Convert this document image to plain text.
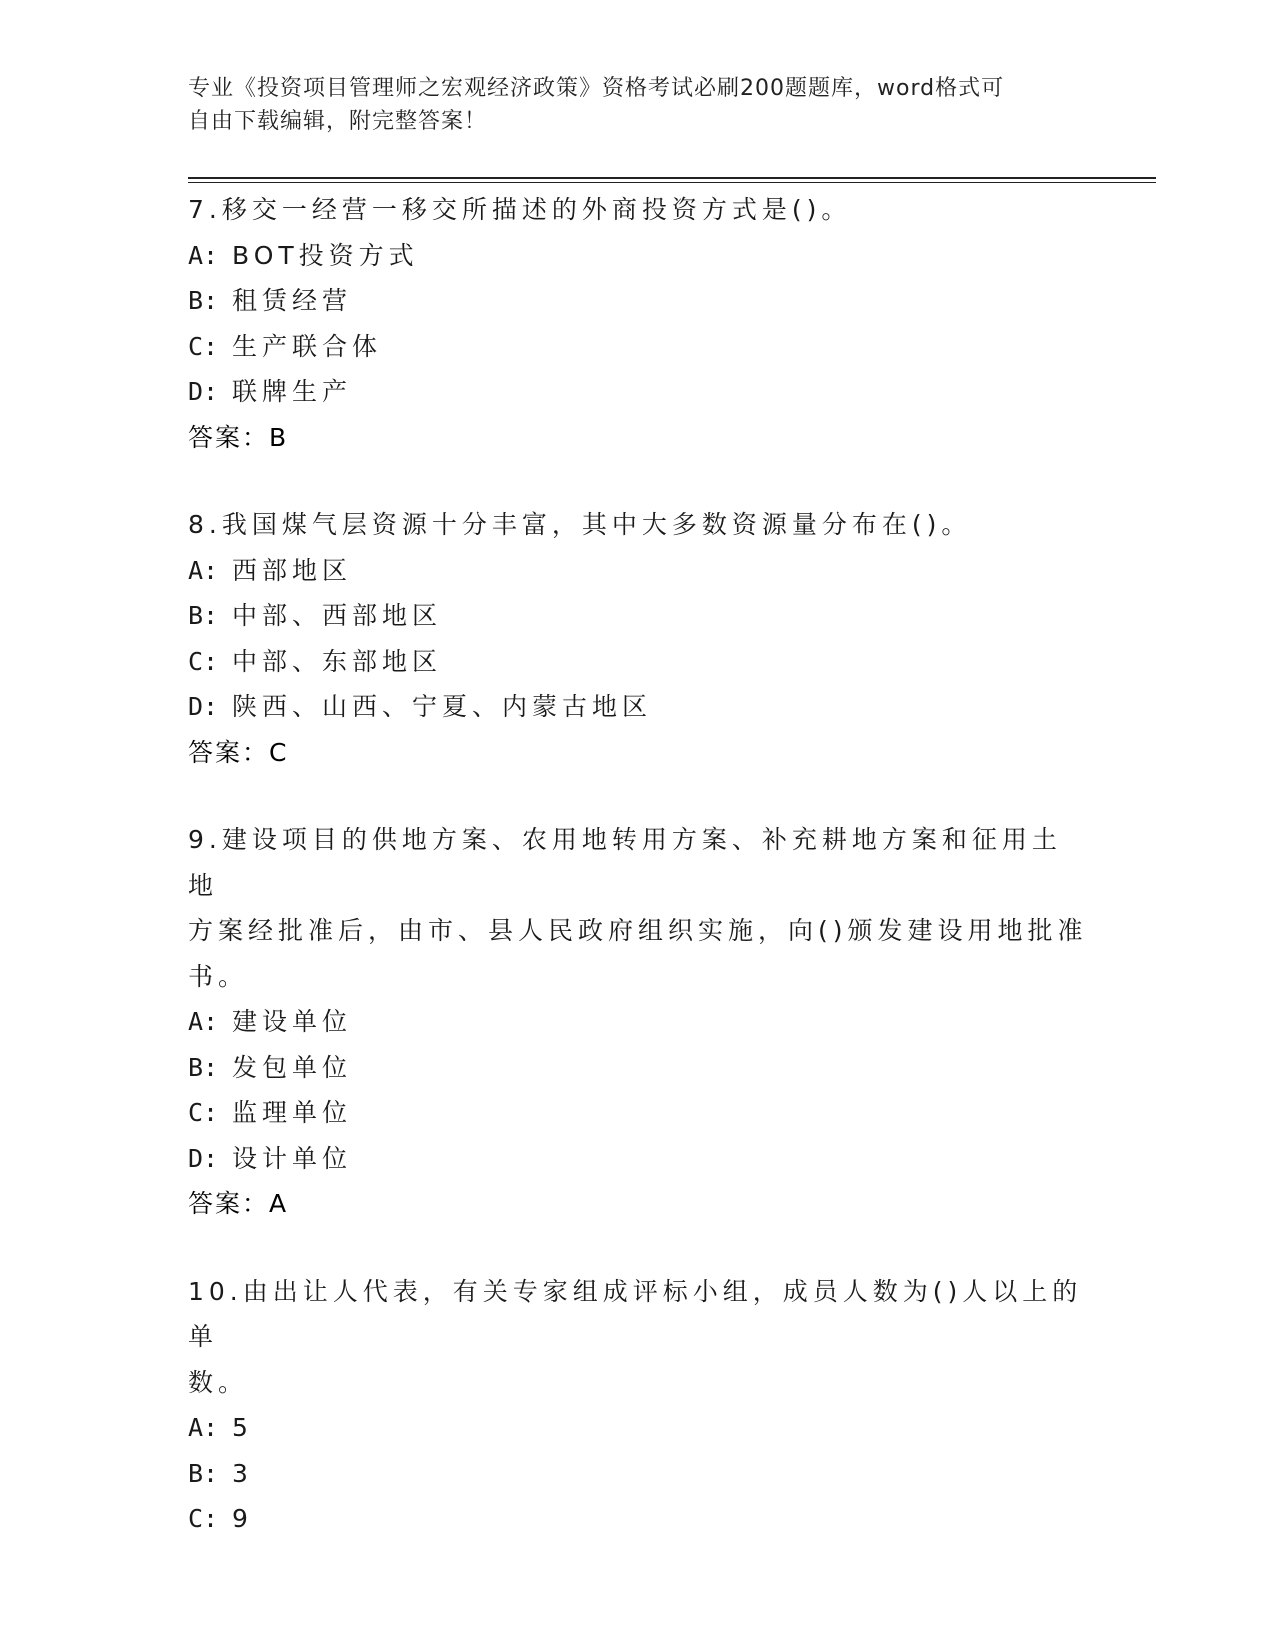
专业《投资项目管理师之宏观经济政策》资格考试必刷200题题库，word格式可
自由下载编辑，附完整答案！
7.移交一经营一移交所描述的外商投资方式是()。
A: BOT投资方式
B: 租赁经营
C: 生产联合体
D: 联牌生产
答案：B
8.我国煤气层资源十分丰富，其中大多数资源量分布在()。
A: 西部地区
B: 中部、西部地区
C: 中部、东部地区
D: 陕西、山西、宁夏、内蒙古地区
答案：C
9.建设项目的供地方案、农用地转用方案、补充耕地方案和征用土地
方案经批准后，由市、县人民政府组织实施，向()颁发建设用地批准
书。
A: 建设单位
B: 发包单位
C: 监理单位
D: 设计单位
答案：A
10.由出让人代表，有关专家组成评标小组，成员人数为()人以上的单
数。
A: 5
B: 3
C: 9
